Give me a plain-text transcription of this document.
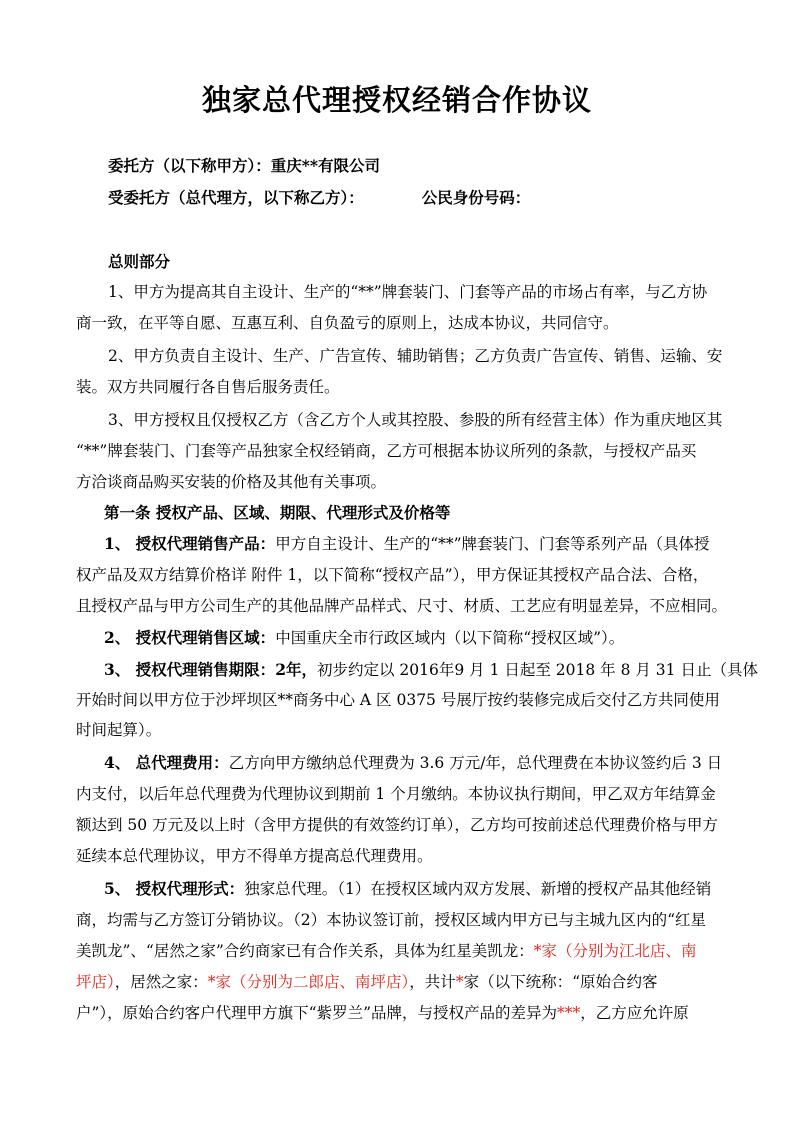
独家总代理授权经销合作协议
委托方（以下称甲方）：重庆**有限公司
受委托方（总代理方，以下称乙方）：	公民身份号码：
总则部分
1、甲方为提高其自主设计、生产的“**”牌套装门、门套等产品的市场占有率，与乙方协
商一致，在平等自愿、互惠互利、自负盈亏的原则上，达成本协议，共同信守。
2、甲方负责自主设计、生产、广告宣传、辅助销售；乙方负责广告宣传、销售、运输、安
装。双方共同履行各自售后服务责任。
3、甲方授权且仅授权乙方（含乙方个人或其控股、参股的所有经营主体）作为重庆地区其
“**”牌套装门、门套等产品独家全权经销商，乙方可根据本协议所列的条款，与授权产品买
方洽谈商品购买安装的价格及其他有关事项。
第一条 授权产品、区域、期限、代理形式及价格等
1、 授权代理销售产品：甲方自主设计、生产的“**”牌套装门、门套等系列产品（具体授
权产品及双方结算价格详 附件 1，以下简称“授权产品”），甲方保证其授权产品合法、合格，
且授权产品与甲方公司生产的其他品牌产品样式、尺寸、材质、工艺应有明显差异，不应相同。
2、 授权代理销售区域：中国重庆全市行政区域内（以下简称“授权区域”）。
3、 授权代理销售期限：2年，初步约定以 2016年9 月 1 日起至 2018 年 8 月 31 日止（具体
开始时间以甲方位于沙坪坝区**商务中心 A 区 0375 号展厅按约装修完成后交付乙方共同使用
时间起算）。
4、 总代理费用：乙方向甲方缴纳总代理费为 3.6 万元/年，总代理费在本协议签约后 3 日
内支付，以后年总代理费为代理协议到期前 1 个月缴纳。本协议执行期间，甲乙双方年结算金
额达到 50 万元及以上时（含甲方提供的有效签约订单），乙方均可按前述总代理费价格与甲方
延续本总代理协议，甲方不得单方提高总代理费用。
5、 授权代理形式：独家总代理。（1）在授权区域内双方发展、新增的授权产品其他经销
商，均需与乙方签订分销协议。（2）本协议签订前，授权区域内甲方已与主城九区内的“红星
美凯龙”、“居然之家”合约商家已有合作关系，具体为红星美凯龙：*家（分别为江北店、南
坪店），居然之家：*家（分别为二郎店、南坪店），共计*家（以下统称：“原始合约客
户”），原始合约客户代理甲方旗下“紫罗兰”品牌，与授权产品的差异为***，乙方应允许原
